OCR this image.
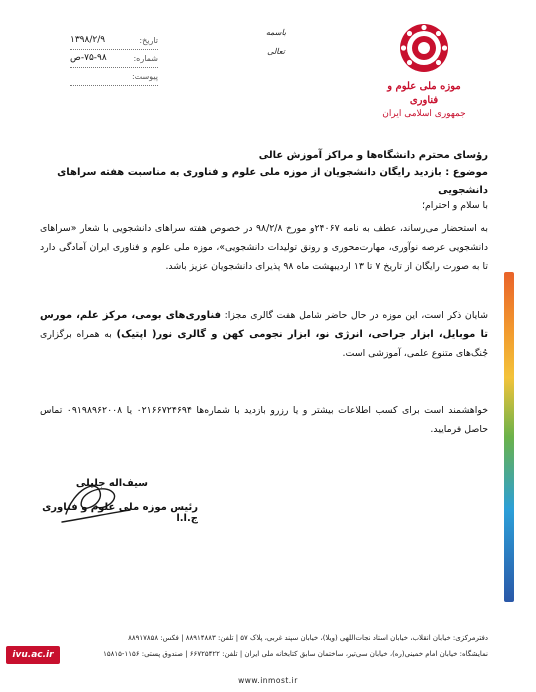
موزه ملی علوم و فناوری
جمهوری اسلامی ایران
باسمه تعالی
تاریخ:
۱۳۹۸/۲/۹
شماره:
۷۵-۹۸-ص
پیوست:
رؤسای محترم دانشگاه‌ها و مراکز آموزش عالی
موضوع : بازدید رایگان دانشجویان از موزه ملی علوم و فناوری به مناسبت هفته سراهای دانشجویی
با سلام و احترام؛
به استحضار می‌رساند، عطف به نامه ۲۴۰۶۷و مورخ ۹۸/۲/۸ در خصوص هفته سراهای دانشجویی با شعار «سراهای دانشجویی عرصه نوآوری، مهارت‌محوری و رونق تولیدات دانشجویی»، موزه ملی علوم و فناوری ایران آمادگی دارد تا به صورت رایگان از تاریخ ۷ تا ۱۳ اردیبهشت ماه ۹۸ پذیرای دانشجویان عزیز باشد.
شایان ذکر است، این موزه در حال حاضر شامل هفت گالری مجزا: فناوری‌های بومی، مرکز علم، مورس تا موبایل، ابزار جراحی، انرژی نو، ابزار نجومی کهن و گالری نور( اپتیک) به همراه برگزاری جُنگ‌های متنوع علمی، آموزشی است.
خواهشمند است برای کسب اطلاعات بیشتر و یا رزرو بازدید با شماره‌ها ۰۲۱۶۶۷۲۴۶۹۴ یا ۰۹۱۹۸۹۶۲۰۰۸ تماس حاصل فرمایید.
سیف‌اله جلیلی
رئیس موزه ملی علوم و فناوری ج.ا.ا
دفترمرکزی: خیابان انقلاب، خیابان استاد نجات‌اللهی (ویلا)، خیابان سپند غربی، پلاک ۵۷ | تلفن: ۸۸۹۱۴۸۸۳ | فکس: ۸۸۹۱۷۸۵۸
نمایشگاه: خیابان امام خمینی(ره)، خیابان سی‌تیر، ساختمان سابق کتابخانه ملی ایران | تلفن: ۶۶۷۲۵۴۲۲ | صندوق پستی: ۱۱۵۶-۱۵۸۱۵
www.inmost.ir
ivu.ac.ir
